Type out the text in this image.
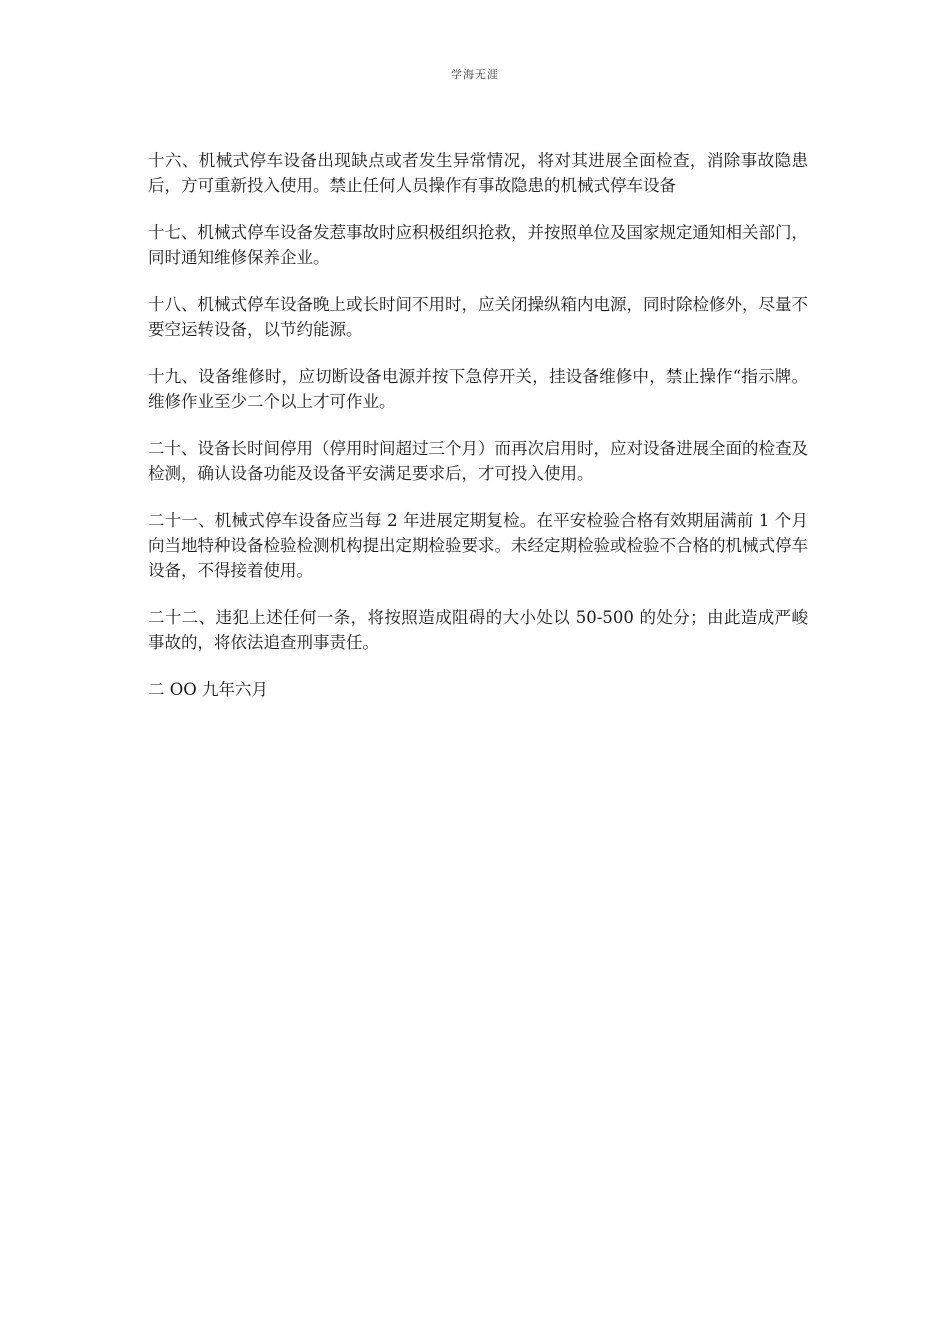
学海无涯

十六、机械式停车设备出现缺点或者发生异常情况，将对其进展全面检查，消除事故隐患后，方可重新投入使用。禁止任何人员操作有事故隐患的机械式停车设备

十七、机械式停车设备发惹事故时应积极组织抢救，并按照单位及国家规定通知相关部门，同时通知维修保养企业。

十八、机械式停车设备晚上或长时间不用时，应关闭操纵箱内电源，同时除检修外，尽量不要空运转设备，以节约能源。

十九、设备维修时，应切断设备电源并按下急停开关，挂设备维修中，禁止操作“指示牌。维修作业至少二个以上才可作业。

二十、设备长时间停用（停用时间超过三个月）而再次启用时，应对设备进展全面的检查及检测，确认设备功能及设备平安满足要求后，才可投入使用。

二十一、机械式停车设备应当每 2 年进展定期复检。在平安检验合格有效期届满前 1 个月向当地特种设备检验检测机构提出定期检验要求。未经定期检验或检验不合格的机械式停车设备，不得接着使用。

二十二、违犯上述任何一条，将按照造成阻碍的大小处以 50-500 的处分；由此造成严峻事故的，将依法追查刑事责任。

二 OO 九年六月
